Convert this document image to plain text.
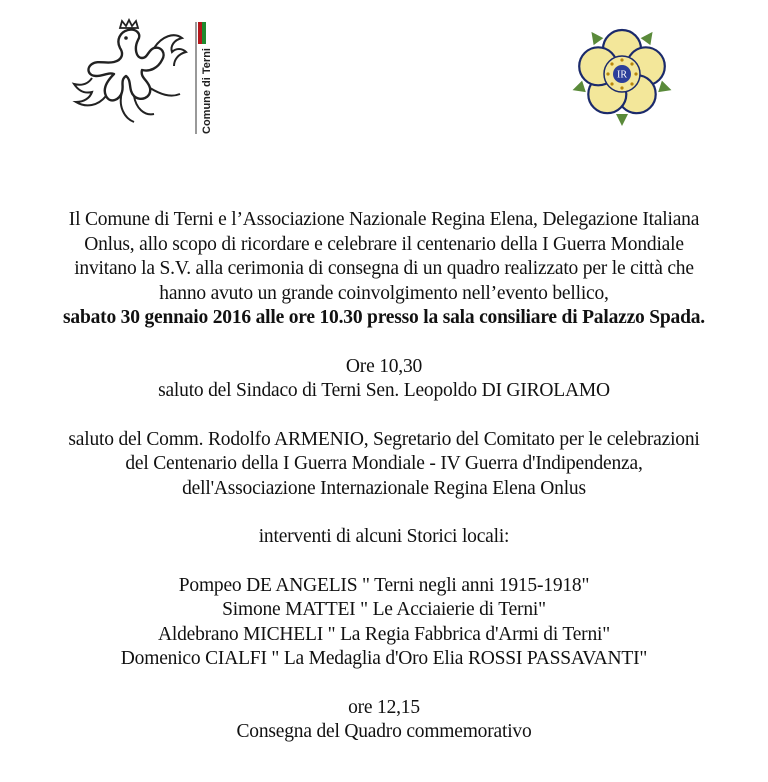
Comune di Terni	IR

Il Comune di Terni e l’Associazione Nazionale Regina Elena, Delegazione Italiana

Onlus, allo scopo di ricordare e celebrare il centenario della I Guerra Mondiale

invitano la S.V. alla cerimonia di consegna di un quadro realizzato per le città che

hanno avuto un grande coinvolgimento nell’evento bellico,

sabato 30 gennaio 2016 alle ore 10.30 presso la sala consiliare di Palazzo Spada.

Ore 10,30

saluto del Sindaco di Terni Sen. Leopoldo DI GIROLAMO

saluto del Comm. Rodolfo ARMENIO, Segretario del Comitato per le celebrazioni

del Centenario della I Guerra Mondiale - IV Guerra d'Indipendenza,

dell'Associazione Internazionale Regina Elena Onlus

interventi di alcuni Storici locali:

Pompeo DE ANGELIS " Terni negli anni 1915-1918"

Simone MATTEI " Le Acciaierie di Terni"

Aldebrano MICHELI " La Regia Fabbrica d'Armi di Terni"

Domenico CIALFI " La Medaglia d'Oro Elia ROSSI PASSAVANTI"

ore 12,15

Consegna del Quadro commemorativo
